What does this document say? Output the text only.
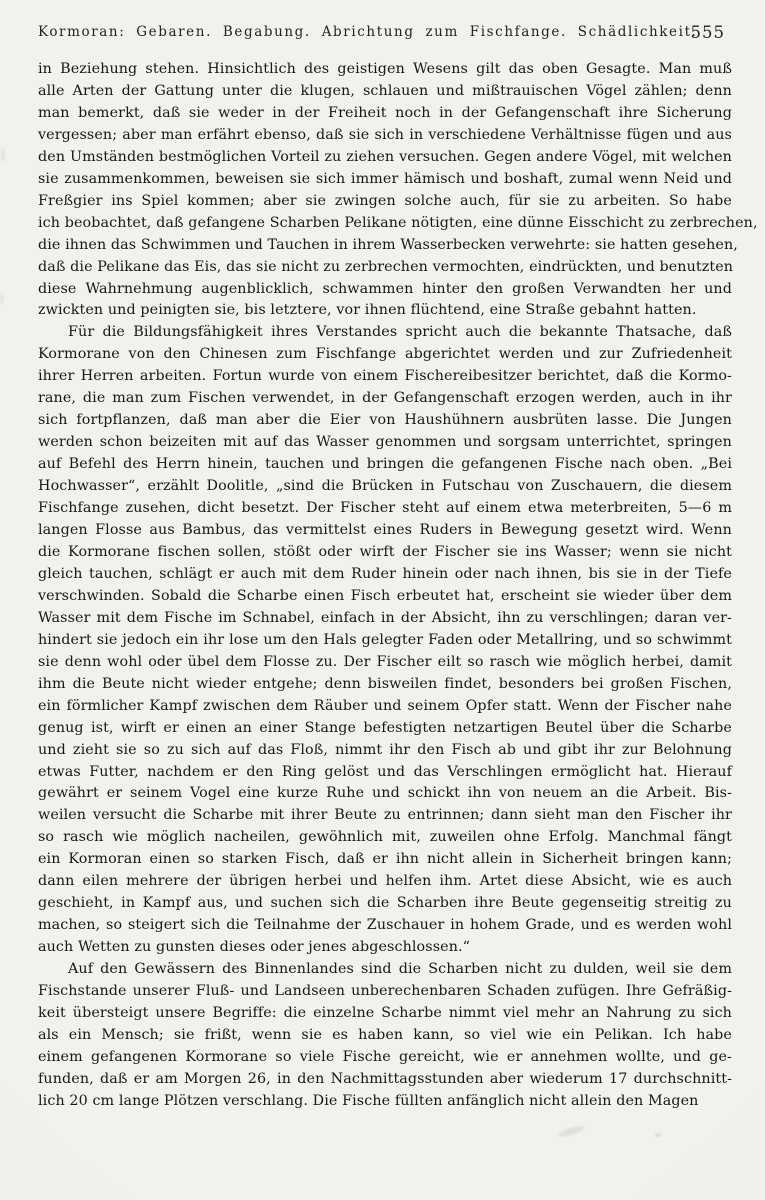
Kormoran: Gebaren. Begabung. Abrichtung zum Fischfange. Schädlichkeit.
555
in Beziehung stehen. Hinsichtlich des geistigen Wesens gilt das oben Gesagte. Man muß
alle Arten der Gattung unter die klugen, schlauen und mißtrauischen Vögel zählen; denn
man bemerkt, daß sie weder in der Freiheit noch in der Gefangenschaft ihre Sicherung
vergessen; aber man erfährt ebenso, daß sie sich in verschiedene Verhältnisse fügen und aus
den Umständen bestmöglichen Vorteil zu ziehen versuchen. Gegen andere Vögel, mit welchen
sie zusammenkommen, beweisen sie sich immer hämisch und boshaft, zumal wenn Neid und
Freßgier ins Spiel kommen; aber sie zwingen solche auch, für sie zu arbeiten. So habe
ich beobachtet, daß gefangene Scharben Pelikane nötigten, eine dünne Eisschicht zu zerbrechen,
die ihnen das Schwimmen und Tauchen in ihrem Wasserbecken verwehrte: sie hatten gesehen,
daß die Pelikane das Eis, das sie nicht zu zerbrechen vermochten, eindrückten, und benutzten
diese Wahrnehmung augenblicklich, schwammen hinter den großen Verwandten her und
zwickten und peinigten sie, bis letztere, vor ihnen flüchtend, eine Straße gebahnt hatten.
Für die Bildungsfähigkeit ihres Verstandes spricht auch die bekannte Thatsache, daß
Kormorane von den Chinesen zum Fischfange abgerichtet werden und zur Zufriedenheit
ihrer Herren arbeiten. Fortun wurde von einem Fischereibesitzer berichtet, daß die Kormo-
rane, die man zum Fischen verwendet, in der Gefangenschaft erzogen werden, auch in ihr
sich fortpflanzen, daß man aber die Eier von Haushühnern ausbrüten lasse. Die Jungen
werden schon beizeiten mit auf das Wasser genommen und sorgsam unterrichtet, springen
auf Befehl des Herrn hinein, tauchen und bringen die gefangenen Fische nach oben. „Bei
Hochwasser“, erzählt Doolitle, „sind die Brücken in Futschau von Zuschauern, die diesem
Fischfange zusehen, dicht besetzt. Der Fischer steht auf einem etwa meterbreiten, 5—6 m
langen Flosse aus Bambus, das vermittelst eines Ruders in Bewegung gesetzt wird. Wenn
die Kormorane fischen sollen, stößt oder wirft der Fischer sie ins Wasser; wenn sie nicht
gleich tauchen, schlägt er auch mit dem Ruder hinein oder nach ihnen, bis sie in der Tiefe
verschwinden. Sobald die Scharbe einen Fisch erbeutet hat, erscheint sie wieder über dem
Wasser mit dem Fische im Schnabel, einfach in der Absicht, ihn zu verschlingen; daran ver-
hindert sie jedoch ein ihr lose um den Hals gelegter Faden oder Metallring, und so schwimmt
sie denn wohl oder übel dem Flosse zu. Der Fischer eilt so rasch wie möglich herbei, damit
ihm die Beute nicht wieder entgehe; denn bisweilen findet, besonders bei großen Fischen,
ein förmlicher Kampf zwischen dem Räuber und seinem Opfer statt. Wenn der Fischer nahe
genug ist, wirft er einen an einer Stange befestigten netzartigen Beutel über die Scharbe
und zieht sie so zu sich auf das Floß, nimmt ihr den Fisch ab und gibt ihr zur Belohnung
etwas Futter, nachdem er den Ring gelöst und das Verschlingen ermöglicht hat. Hierauf
gewährt er seinem Vogel eine kurze Ruhe und schickt ihn von neuem an die Arbeit. Bis-
weilen versucht die Scharbe mit ihrer Beute zu entrinnen; dann sieht man den Fischer ihr
so rasch wie möglich nacheilen, gewöhnlich mit, zuweilen ohne Erfolg. Manchmal fängt
ein Kormoran einen so starken Fisch, daß er ihn nicht allein in Sicherheit bringen kann;
dann eilen mehrere der übrigen herbei und helfen ihm. Artet diese Absicht, wie es auch
geschieht, in Kampf aus, und suchen sich die Scharben ihre Beute gegenseitig streitig zu
machen, so steigert sich die Teilnahme der Zuschauer in hohem Grade, und es werden wohl
auch Wetten zu gunsten dieses oder jenes abgeschlossen.“
Auf den Gewässern des Binnenlandes sind die Scharben nicht zu dulden, weil sie dem
Fischstande unserer Fluß- und Landseen unberechenbaren Schaden zufügen. Ihre Gefräßig-
keit übersteigt unsere Begriffe: die einzelne Scharbe nimmt viel mehr an Nahrung zu sich
als ein Mensch; sie frißt, wenn sie es haben kann, so viel wie ein Pelikan. Ich habe
einem gefangenen Kormorane so viele Fische gereicht, wie er annehmen wollte, und ge-
funden, daß er am Morgen 26, in den Nachmittagsstunden aber wiederum 17 durchschnitt-
lich 20 cm lange Plötzen verschlang. Die Fische füllten anfänglich nicht allein den Magen
